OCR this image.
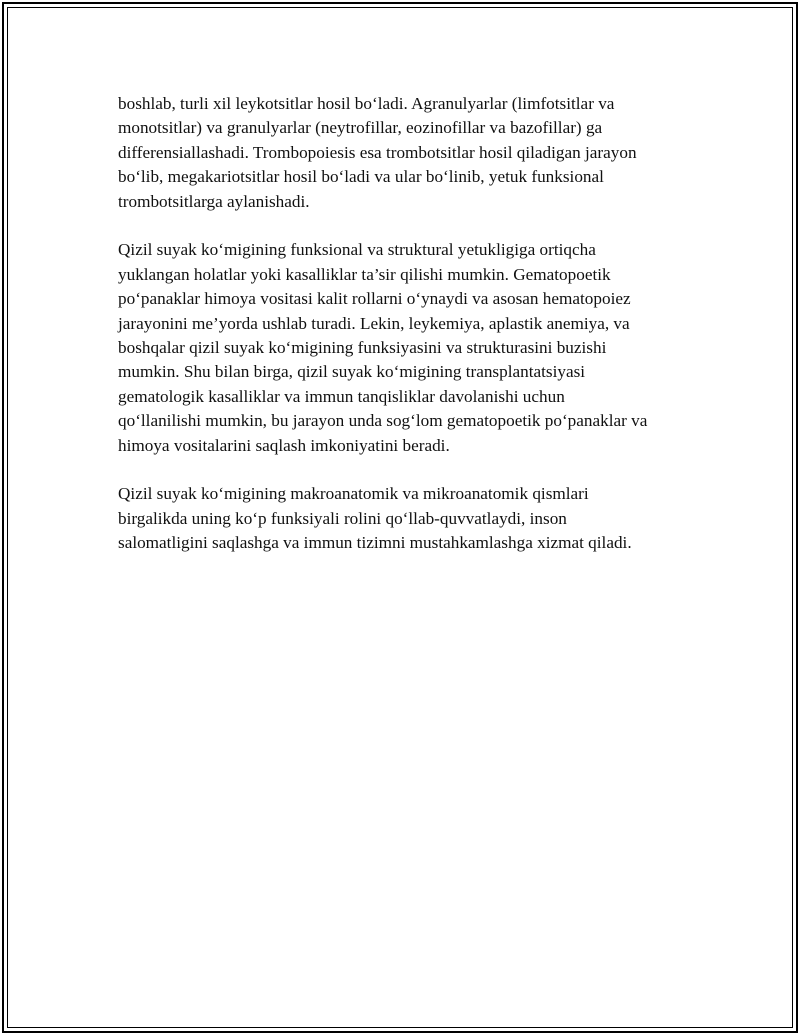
boshlab, turli xil leykotsitlar hosil bo‘ladi. Agranulyarlar (limfotsitlar va
monotsitlar) va granulyarlar (neytrofillar, eozinofillar va bazofillar) ga
differensiallashadi. Trombopoiesis esa trombotsitlar hosil qiladigan jarayon
bo‘lib, megakariotsitlar hosil bo‘ladi va ular bo‘linib, yetuk funksional
trombotsitlarga aylanishadi.

Qizil suyak ko‘migining funksional va struktural yetukligiga ortiqcha
yuklangan holatlar yoki kasalliklar ta’sir qilishi mumkin. Gematopoetik
po‘panaklar himoya vositasi kalit rollarni o‘ynaydi va asosan hematopoiez
jarayonini me’yorda ushlab turadi. Lekin, leykemiya, aplastik anemiya, va
boshqalar qizil suyak ko‘migining funksiyasini va strukturasini buzishi
mumkin. Shu bilan birga, qizil suyak ko‘migining transplantatsiyasi
gematologik kasalliklar va immun tanqisliklar davolanishi uchun
qo‘llanilishi mumkin, bu jarayon unda sog‘lom gematopoetik po‘panaklar va
himoya vositalarini saqlash imkoniyatini beradi.

Qizil suyak ko‘migining makroanatomik va mikroanatomik qismlari
birgalikda uning ko‘p funksiyali rolini qo‘llab-quvvatlaydi, inson
salomatligini saqlashga va immun tizimni mustahkamlashga xizmat qiladi.
